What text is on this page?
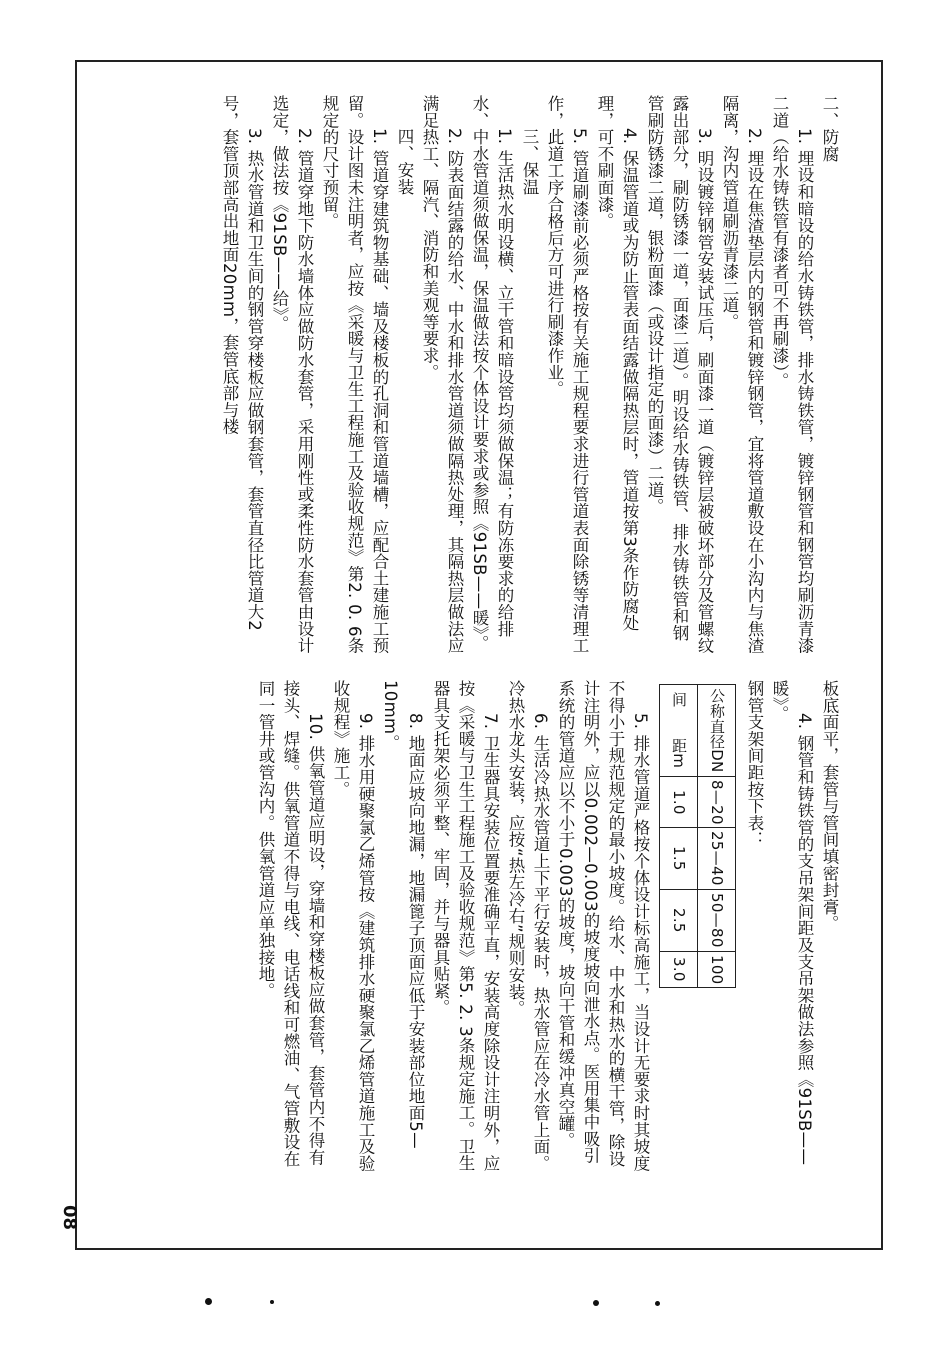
二、防腐

1. 埋设和暗设的给水铸铁管，排水铸铁管，镀锌钢管和钢管均刷沥青漆二道（给水铸铁管有漆者可不再刷漆）。

2. 埋设在焦渣垫层内的钢管和镀锌钢管，宜将管道敷设在小沟内与焦渣隔离，沟内管道刷沥青漆二道。

3. 明设镀锌钢管安装试压后，刷面漆一道（镀锌层被破坏部分及管螺纹露出部分，刷防锈漆一道，面漆二道）。明设给水铸铁管、排水铸铁管和钢管刷防锈漆二道，银粉面漆（或设计指定的面漆）二道。

4. 保温管道或为防止管表面结露做隔热层时，管道按第3条作防腐处理，可不刷面漆。

5. 管道刷漆前必须严格按有关施工规程要求进行管道表面除锈等清理工作，此道工序合格后方可进行刷漆作业。

三、保温

1. 生活热水明设横、立干管和暗设管均须做保温；有防冻要求的给排水、中水管道须做保温，保温做法按个体设计要求或参照《91SB——暖》。

2. 防表面结露的给水、中水和排水管道须做隔热处理，其隔热层做法应满足热工、隔汽、消防和美观等要求。

四、安装

1. 管道穿建筑物基础、墙及楼板的孔洞和管道墙槽，应配合土建施工预留。设计图未注明者，应按《采暖与卫生工程施工及验收规范》第2. 0. 6条规定的尺寸预留。

2. 管道穿地下防水墙体应做防水套管，采用刚性或柔性防水套管由设计选定，做法按《91SB——给》。

3. 热水管道和卫生间的钢管穿楼板应做钢套管，套管直径比管道大2号，套管顶部高出地面20mm，套管底部与楼

板底面平，套管与管间填密封膏。

4. 钢管和铸铁管的支吊架间距及支吊架做法参照《91SB——暖》。

钢管支架间距按下表：

公称直径DN	8—20	25—40	50—80	100
间　　距m	1.0	1.5	2.5	3.0

5. 排水管道严格按个体设计标高施工，当设计无要求时其坡度不得小于规范规定的最小坡度。给水、中水和热水的横干管，除设计注明外，应以0.002—0.003的坡度坡向泄水点。医用集中吸引系统的管道应以不小于0.003的坡度，坡向干管和缓冲真空罐。

6. 生活冷热水管道上下平行安装时，热水管应在冷水管上面。冷热水龙头安装，应按“热左冷右”规则安装。

7. 卫生器具安装位置要准确平直，安装高度除设计注明外，应按《采暖与卫生工程施工及验收规范》第5. 2. 3条规定施工。卫生器具支托架必须平整、牢固，并与器具贴紧。

8. 地面应坡向地漏，地漏篦子顶面应低于安装部位地面5—10mm。

9. 排水用硬聚氯乙烯管按《建筑排水硬聚氯乙烯管道施工及验收规程》施工。

10. 供氧管道应明设，穿墙和穿楼板应做套管，套管内不得有接头、焊缝。供氧管道不得与电线、电话线和可燃油、气管敷设在同一管井或管沟内。供氧管道应单独接地。

08
